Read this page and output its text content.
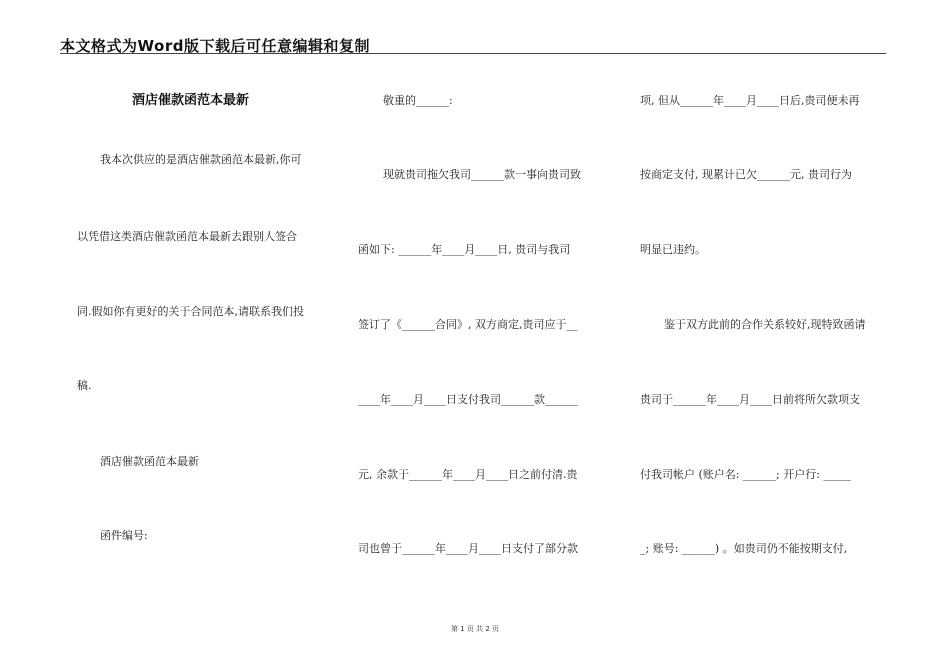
本文格式为Word版下载后可任意编辑和复制
酒店催款函范本最新
我本次供应的是酒店催款函范本最新,你可
以凭借这类酒店催款函范本最新去跟别人签合
同.假如你有更好的关于合同范本,请联系我们投
稿.
酒店催款函范本最新
函件编号:
敬重的______:
现就贵司拖欠我司______款一事向贵司致
函如下: ______年____月____日, 贵司与我司
签订了《______合同》, 双方商定,贵司应于__
____年____月____日支付我司______款______
元, 余款于______年____月____日之前付清.贵
司也曾于______年____月____日支付了部分款
项, 但从______年____月____日后,贵司便未再
按商定支付, 现累计已欠______元, 贵司行为
明显已违约。
鉴于双方此前的合作关系较好,现特致函请
贵司于______年____月____日前将所欠款项支
付我司帐户 (账户名: ______; 开户行: _____
_; 账号: ______) 。如贵司仍不能按期支付,
第 1 页 共 2 页
